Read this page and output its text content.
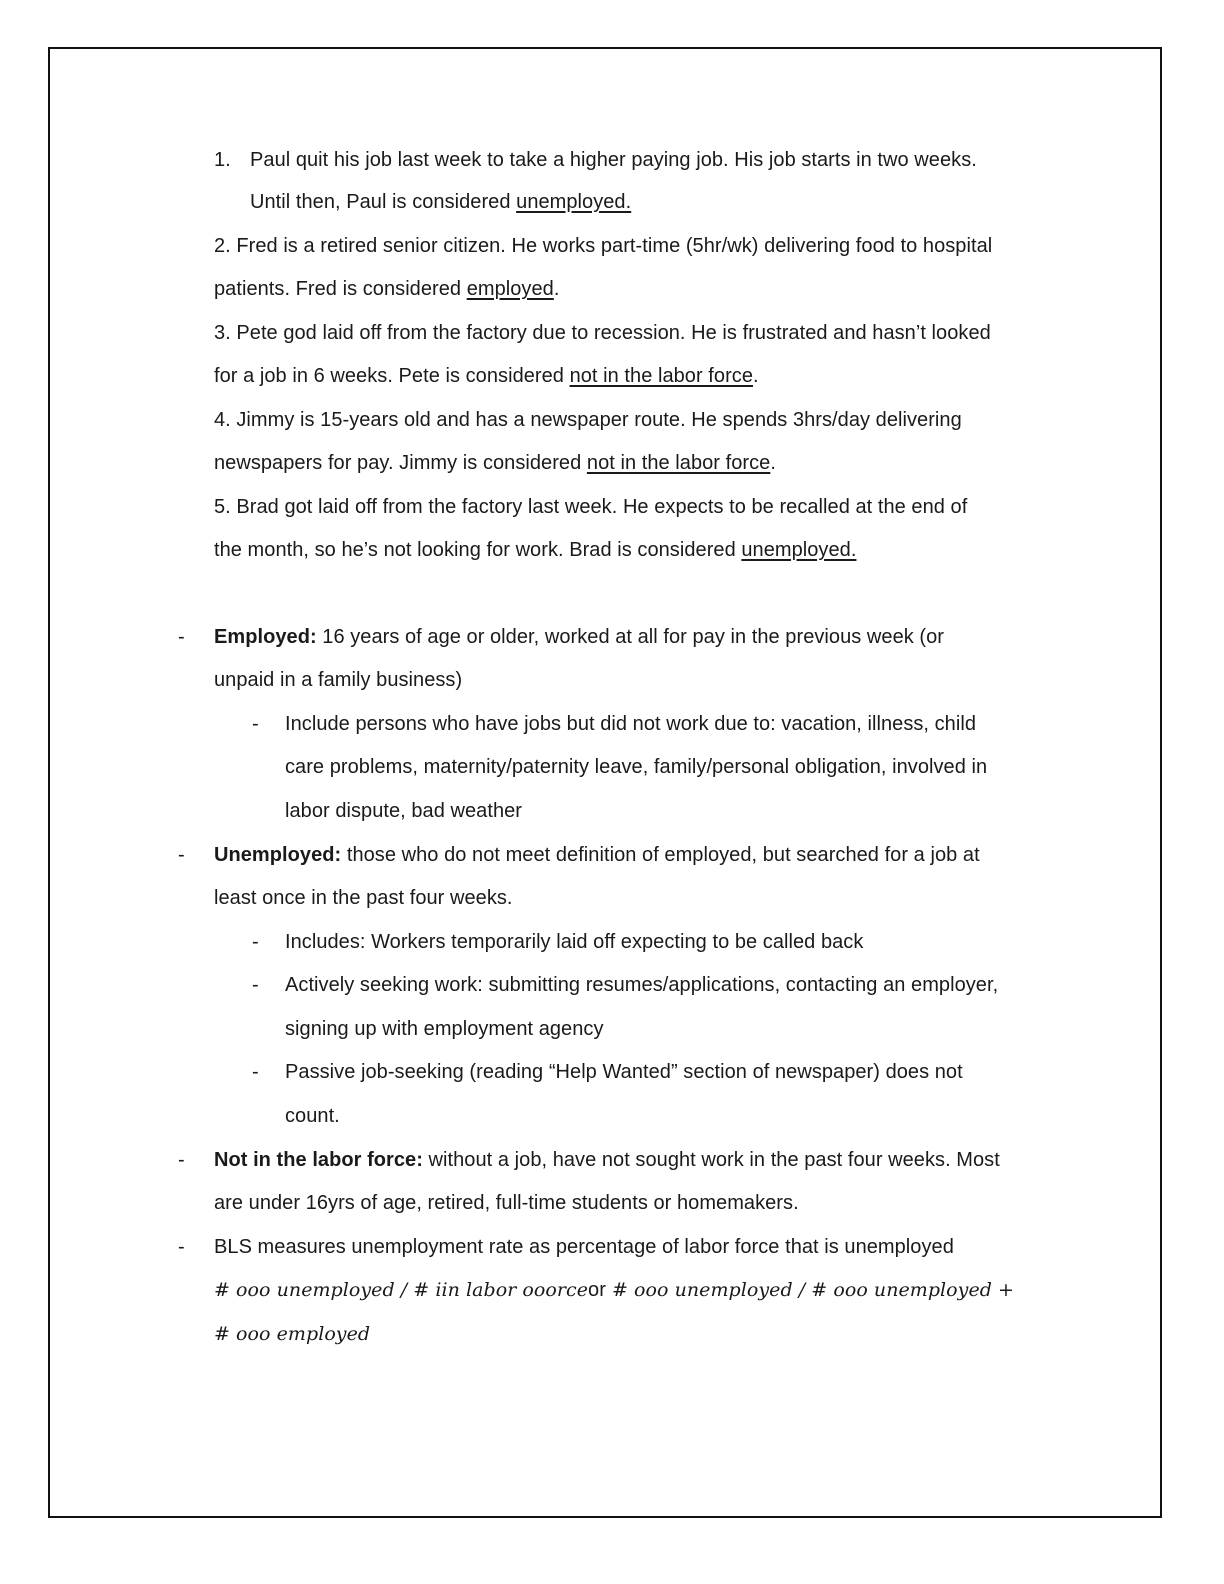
1. Paul quit his job last week to take a higher paying job. His job starts in two weeks.
Until then, Paul is considered unemployed.
2. Fred is a retired senior citizen. He works part-time (5hr/wk) delivering food to hospital
patients. Fred is considered employed.
3. Pete god laid off from the factory due to recession. He is frustrated and hasn’t looked
for a job in 6 weeks. Pete is considered not in the labor force.
4. Jimmy is 15-years old and has a newspaper route. He spends 3hrs/day delivering
newspapers for pay. Jimmy is considered not in the labor force.
5. Brad got laid off from the factory last week. He expects to be recalled at the end of
the month, so he’s not looking for work. Brad is considered unemployed.
- Employed: 16 years of age or older, worked at all for pay in the previous week (or
unpaid in a family business)
- Include persons who have jobs but did not work due to: vacation, illness, child
care problems, maternity/paternity leave, family/personal obligation, involved in
labor dispute, bad weather
- Unemployed: those who do not meet definition of employed, but searched for a job at
least once in the past four weeks.
- Includes: Workers temporarily laid off expecting to be called back
- Actively seeking work: submitting resumes/applications, contacting an employer,
signing up with employment agency
- Passive job-seeking (reading “Help Wanted” section of newspaper) does not
count.
- Not in the labor force: without a job, have not sought work in the past four weeks. Most
are under 16yrs of age, retired, full-time students or homemakers.
- BLS measures unemployment rate as percentage of labor force that is unemployed
# ooo unemployed / # iin labor ooorceor # ooo unemployed / # ooo unemployed +
# ooo employed
